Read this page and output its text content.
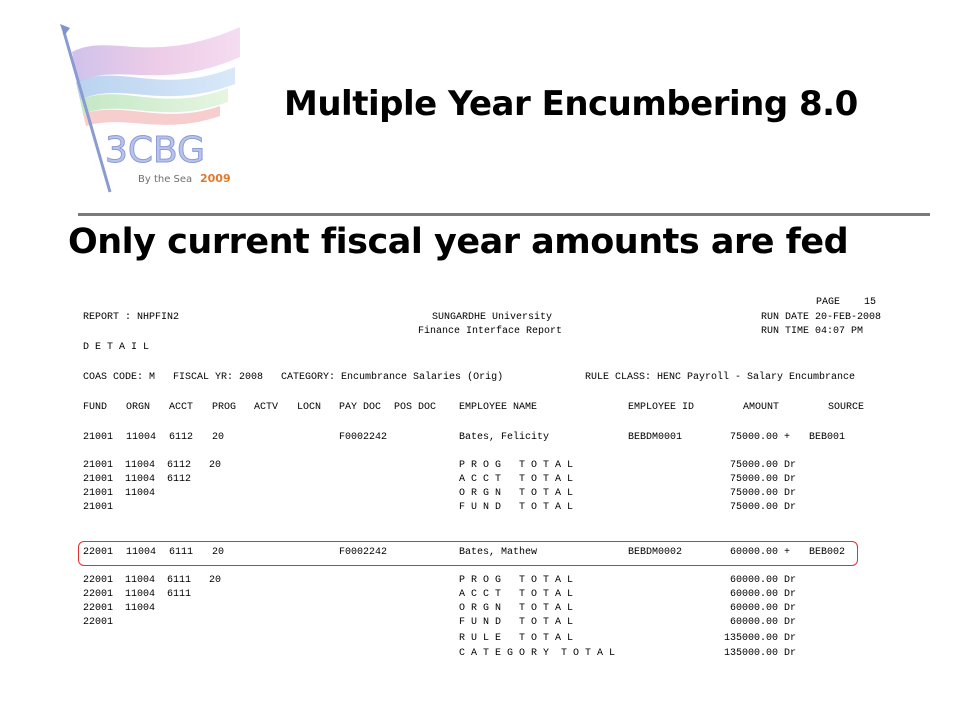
3CBG
By the Sea 2009
Multiple Year Encumbering 8.0
Only current fiscal year amounts are fed
PAGE    15
REPORT : NHPFIN2	SUNGARDHE University	RUN DATE 20-FEB-2008
Finance Interface Report	RUN TIME 04:07 PM
D E T A I L
COAS CODE: M   FISCAL YR: 2008   CATEGORY: Encumbrance Salaries (Orig)	RULE CLASS: HENC Payroll - Salary Encumbrance
FUND ORGN ACCT PROG ACTV LOCN PAY DOC POS DOC EMPLOYEE NAME	EMPLOYEE ID	AMOUNT	SOURCE
21001 11004 6112 20	F0002242	Bates, Felicity	BEBDM0001	75000.00 + BEB001
21001  11004  6112   20	P R O G   T O T A L	75000.00 Dr
21001  11004  6112	A C C T   T O T A L	75000.00 Dr
21001  11004	O R G N   T O T A L	75000.00 Dr
21001	F U N D   T O T A L	75000.00 Dr
22001 11004 6111 20	F0002242	Bates, Mathew	BEBDM0002	60000.00 + BEB002
22001  11004  6111   20	P R O G   T O T A L	60000.00 Dr
22001  11004  6111	A C C T   T O T A L	60000.00 Dr
22001  11004	O R G N   T O T A L	60000.00 Dr
22001	F U N D   T O T A L	60000.00 Dr
R U L E   T O T A L	135000.00 Dr
C A T E G O R Y  T O T A L	135000.00 Dr
